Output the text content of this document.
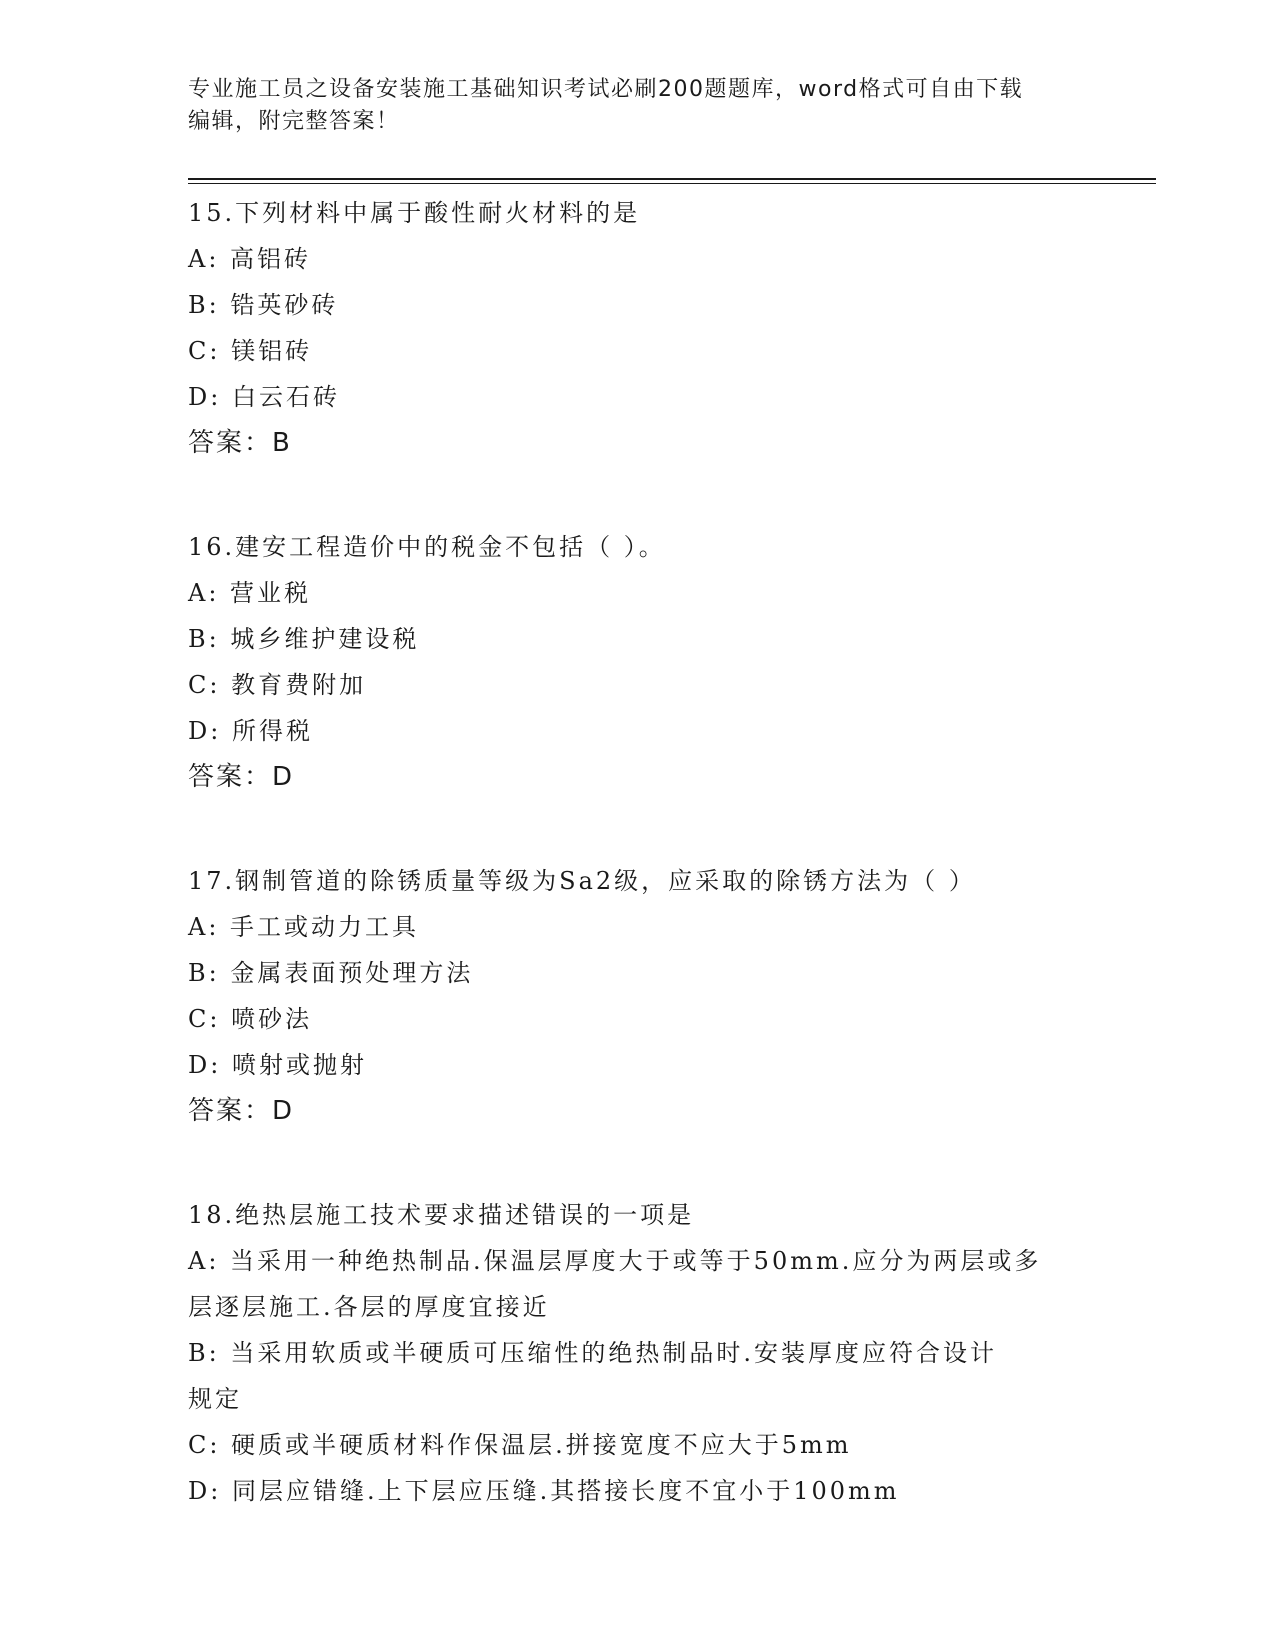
专业施工员之设备安装施工基础知识考试必刷200题题库，word格式可自由下载
编辑，附完整答案！
15.下列材料中属于酸性耐火材料的是
A: 高铝砖
B: 锆英砂砖
C: 镁铝砖
D: 白云石砖
答案：B
16.建安工程造价中的税金不包括（ ）。
A: 营业税
B: 城乡维护建设税
C: 教育费附加
D: 所得税
答案：D
17.钢制管道的除锈质量等级为Sa2级，应采取的除锈方法为（ ）
A: 手工或动力工具
B: 金属表面预处理方法
C: 喷砂法
D: 喷射或抛射
答案：D
18.绝热层施工技术要求描述错误的一项是
A: 当采用一种绝热制品.保温层厚度大于或等于50mm.应分为两层或多
层逐层施工.各层的厚度宜接近
B: 当采用软质或半硬质可压缩性的绝热制品时.安装厚度应符合设计
规定
C: 硬质或半硬质材料作保温层.拼接宽度不应大于5mm
D: 同层应错缝.上下层应压缝.其搭接长度不宜小于100mm
